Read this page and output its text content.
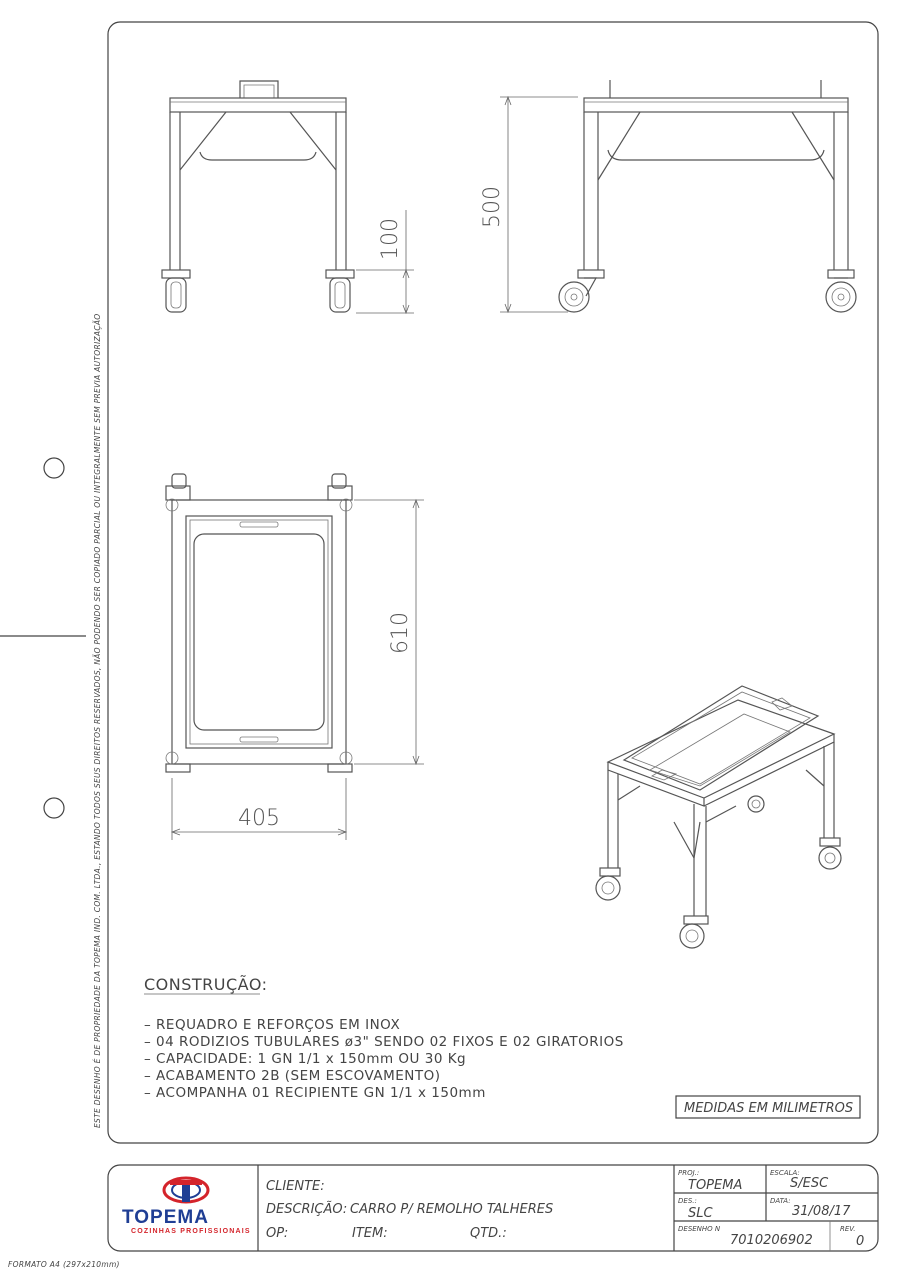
ESTE DESENHO É DE PROPRIEDADE DA TOPEMA IND. COM. LTDA., ESTANDO TODOS SEUS DIREITOS RESERVADOS, NÃO PODENDO SER COPIADO PARCIAL OU INTEGRALMENTE SEM PREVIA AUTORIZAÇÃO
100
500
610
405
CONSTRUÇÃO:
– REQUADRO E REFORÇOS EM INOX
– 04 RODIZIOS TUBULARES ø3" SENDO 02 FIXOS E 02 GIRATORIOS
– CAPACIDADE: 1 GN 1/1 x 150mm OU 30 Kg
– ACABAMENTO 2B (SEM ESCOVAMENTO)
– ACOMPANHA 01 RECIPIENTE GN 1/1 x 150mm
MEDIDAS EM MILIMETROS
TOPEMA
COZINHAS PROFISSIONAIS
CLIENTE:
DESCRIÇÃO: CARRO P/ REMOLHO TALHERES
OP:	ITEM:	QTD.:
PROJ.:
TOPEMA
ESCALA:
S/ESC
DES.:
SLC
DATA:
31/08/17
DESENHO N
7010206902
REV.
0
FORMATO A4 (297x210mm)
